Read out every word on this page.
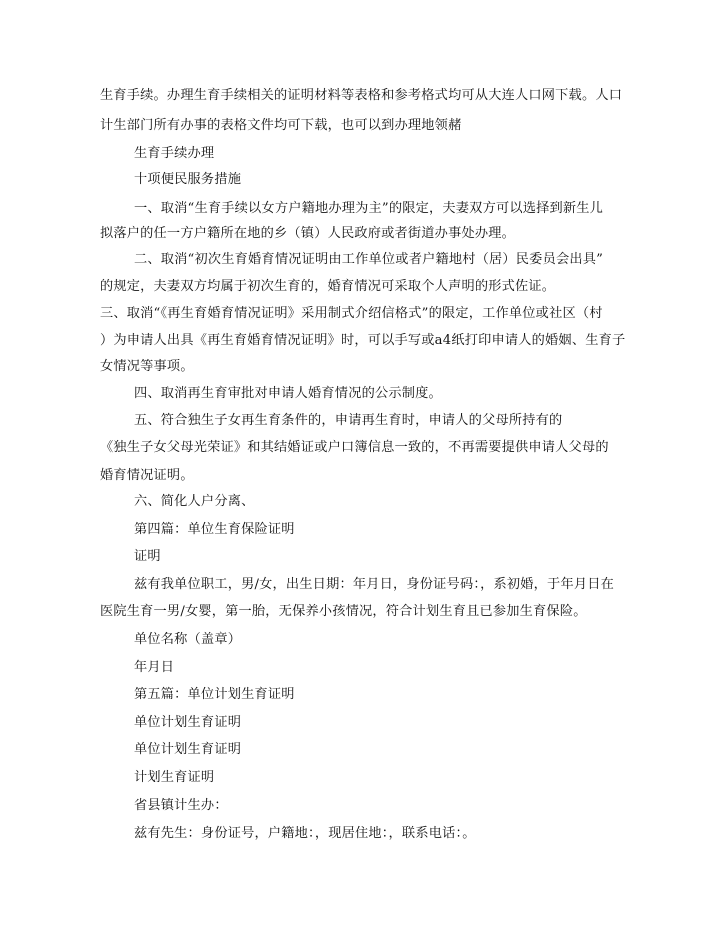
生育手续。办理生育手续相关的证明材料等表格和参考格式均可从大连人口网下载。人口
计生部门所有办事的表格文件均可下载，也可以到办理地领赭
生育手续办理
十项便民服务措施
一、取消“生育手续以女方户籍地办理为主”的限定，夫妻双方可以选择到新生儿
拟落户的任一方户籍所在地的乡（镇）人民政府或者街道办事处办理。
二、取消“初次生育婚育情况证明由工作单位或者户籍地村（居）民委员会出具”
的规定，夫妻双方均属于初次生育的，婚育情况可采取个人声明的形式佐证。
三、取消“《再生育婚育情况证明》采用制式介绍信格式”的限定，工作单位或社区（村
）为申请人出具《再生育婚育情况证明》时，可以手写或a4纸打印申请人的婚姻、生育子
女情况等事项。
四、取消再生育审批对申请人婚育情况的公示制度。
五、符合独生子女再生育条件的，申请再生育时，申请人的父母所持有的
《独生子女父母光荣证》和其结婚证或户口簿信息一致的，不再需要提供申请人父母的
婚育情况证明。
六、简化人户分离、
第四篇：单位生育保险证明
证明
兹有我单位职工，男/女，出生日期：年月日，身份证号码：，系初婚，于年月日在
医院生育一男/女婴，第一胎，无保养小孩情况，符合计划生育且已参加生育保险。
单位名称（盖章）
年月日
第五篇：单位计划生育证明
单位计划生育证明
单位计划生育证明
计划生育证明
省县镇计生办：
兹有先生：身份证号，户籍地：，现居住地：，联系电话：。
